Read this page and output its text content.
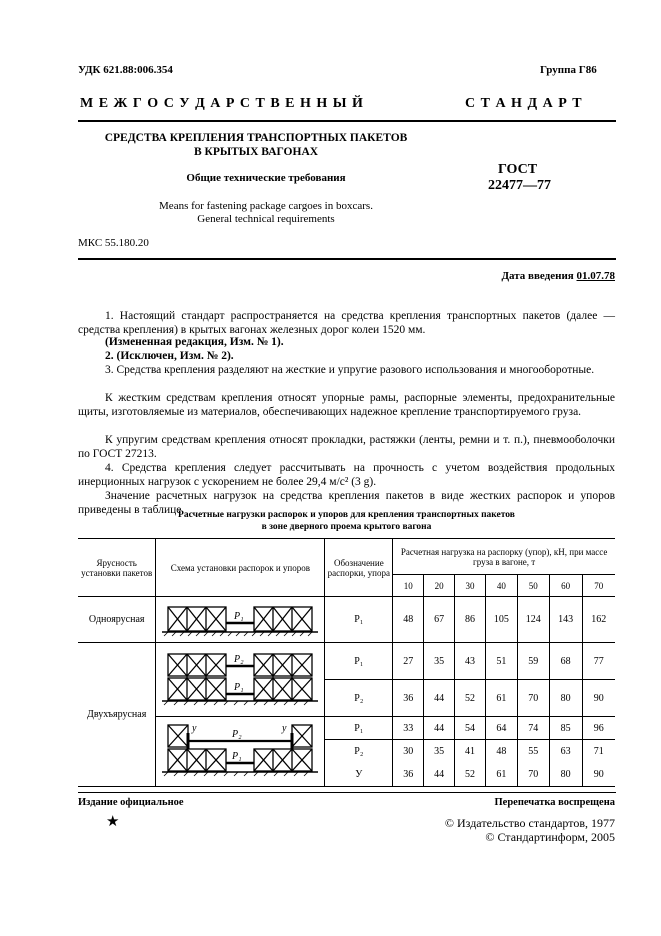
УДК 621.88:006.354	Группа Г86
М Е Ж Г О С У Д А Р С Т В Е Н Н Ы Й	С Т А Н Д А Р Т
СРЕДСТВА КРЕПЛЕНИЯ ТРАНСПОРТНЫХ ПАКЕТОВ
В КРЫТЫХ ВАГОНАХ
Общие технические требования
Means for fastening package cargoes in boxcars.
General technical requirements
ГОСТ
22477—77
МКС 55.180.20
Дата введения 01.07.78

1. Настоящий стандарт распространяется на средства крепления транспортных пакетов (далее — средства крепления) в крытых вагонах железных дорог колеи 1520 мм.

(Измененная редакция, Изм. № 1).

2. (Исключен, Изм. № 2).

3. Средства крепления разделяют на жесткие и упругие разового использования и многооборотные.

К жестким средствам крепления относят упорные рамы, распорные элементы, предохранительные щиты, изготовляемые из материалов, обеспечивающих надежное крепление транспортируемого груза.

К упругим средствам крепления относят прокладки, растяжки (ленты, ремни и т. п.), пневмооболочки по ГОСТ 27213.

4. Средства крепления следует рассчитывать на прочность с учетом воздействия продольных инерционных нагрузок с ускорением не более 29,4 м/с² (3 g).

Значение расчетных нагрузок на средства крепления пакетов в виде жестких распорок и упоров приведены в таблице.

Расчетные нагрузки распорок и упоров для крепления транспортных пакетов
в зоне дверного проема крытого вагона
Ярусность установки пакетов	Схема установки распорок и упоров	Обозначение распорки, упора	Расчетная нагрузка на распорку (упор), кН, при массе груза в вагоне, т						
			10	20	30	40	50	60	70
Одноярусная	P₁	Р₁	48	67	86	105	124	143	162
Двухъярусная	P₂
P₁	Р₁	27	35	43	51	59	68	77
		Р₂	36	44	52	61	70	80	90

y y
P₂
P₁	Р₁	33	44	54	64	74	85	96
		Р₂	30	35	41	48	55	63	71
		У	36	44	52	61	70	80	90
Издание официальное	Перепечатка воспрещена
★	© Издательство стандартов, 1977
© Стандартинформ, 2005
